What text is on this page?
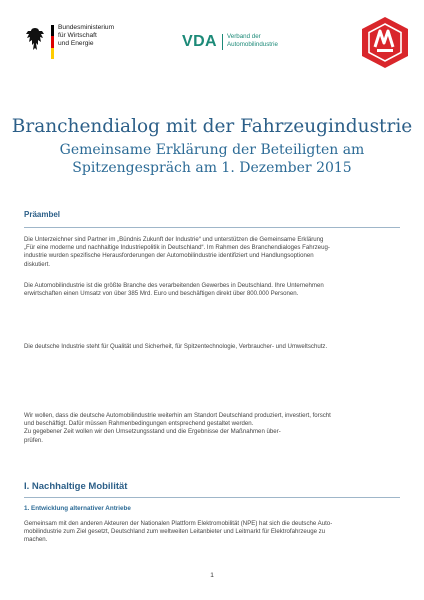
Bundesministerium
für Wirtschaft
und Energie	VDA Verband der
Automobilindustrie
Branchendialog mit der Fahrzeugindustrie
Gemeinsame Erklärung der Beteiligten am
Spitzengespräch am 1. Dezember 2015
Präambel
Die Unterzeichner sind Partner im „Bündnis Zukunft der Industrie“ und unterstützen die Gemeinsame Erklärung
„Für eine moderne und nachhaltige Industriepolitik in Deutschland“. Im Rahmen des Branchendialoges Fahrzeug-
industrie wurden spezifische Herausforderungen der Automobilindustrie identifiziert und Handlungsoptionen
diskutiert.
Die Automobilindustrie ist die größte Branche des verarbeitenden Gewerbes in Deutschland. Ihre Unternehmen
erwirtschaften einen Umsatz von über 385 Mrd. Euro und beschäftigen direkt über 800.000 Personen.
Die deutsche Industrie steht für Qualität und Sicherheit, für Spitzentechnologie, Verbraucher- und Umweltschutz.
Wir wollen, dass die deutsche Automobilindustrie weiterhin am Standort Deutschland produziert, investiert, forscht
und beschäftigt. Dafür müssen Rahmenbedingungen entsprechend gestaltet werden.
Zu gegebener Zeit wollen wir den Umsetzungsstand und die Ergebnisse der Maßnahmen über-
prüfen.
I. Nachhaltige Mobilität
1. Entwicklung alternativer Antriebe
Gemeinsam mit den anderen Akteuren der Nationalen Plattform Elektromobilität (NPE) hat sich die deutsche Auto-
mobilindustrie zum Ziel gesetzt, Deutschland zum weltweiten Leitanbieter und Leitmarkt für Elektrofahrzeuge zu
machen.
1
